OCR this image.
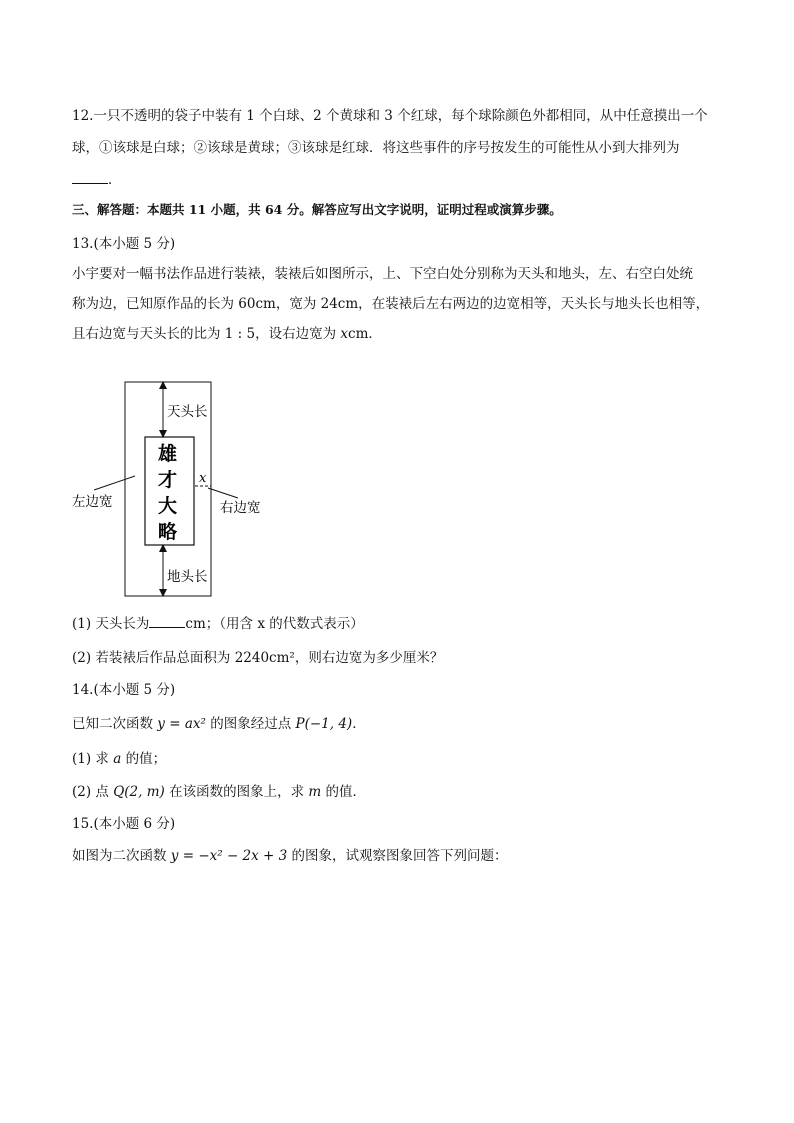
12.一只不透明的袋子中装有 1 个白球、2 个黄球和 3 个红球，每个球除颜色外都相同，从中任意摸出一个
球，①该球是白球；②该球是黄球；③该球是红球．将这些事件的序号按发生的可能性从小到大排列为
．
三、解答题：本题共 11 小题，共 64 分。解答应写出文字说明，证明过程或演算步骤。
13.(本小题 5 分)
小宇要对一幅书法作品进行装裱，装裱后如图所示，上、下空白处分别称为天头和地头，左、右空白处统
称为边，已知原作品的长为 60cm，宽为 24cm，在装裱后左右两边的边宽相等，天头长与地头长也相等，
且右边宽与天头长的比为 1 : 5，设右边宽为 xcm．
天头长
地头长
雄
才
大
略
左边宽
x
右边宽
(1) 天头长为	cm；（用含 x 的代数式表示）
(2) 若装裱后作品总面积为 2240cm²，则右边宽为多少厘米？
14.(本小题 5 分)
已知二次函数 y = ax² 的图象经过点 P(−1, 4)．
(1) 求 a 的值；
(2) 点 Q(2, m) 在该函数的图象上，求 m 的值．
15.(本小题 6 分)
如图为二次函数 y = −x² − 2x + 3 的图象，试观察图象回答下列问题：
